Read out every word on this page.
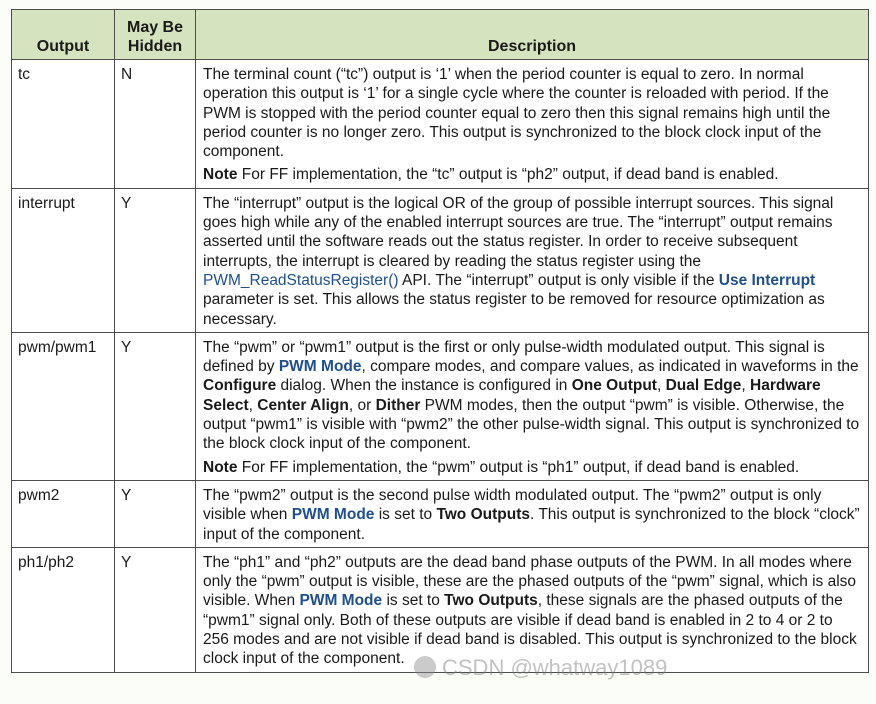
Output	May Be Hidden	Description
tc	N	The terminal count (“tc”) output is ‘1’ when the period counter is equal to zero. In normal operation this output is ‘1’ for a single cycle where the counter is reloaded with period. If the PWM is stopped with the period counter equal to zero then this signal remains high until the period counter is no longer zero. This output is synchronized to the block clock input of the component.

Note For FF implementation, the “tc” output is “ph2” output, if dead band is enabled.

interrupt	Y	The “interrupt” output is the logical OR of the group of possible interrupt sources. This signal goes high while any of the enabled interrupt sources are true. The “interrupt” output remains asserted until the software reads out the status register. In order to receive subsequent interrupts, the interrupt is cleared by reading the status register using the PWM_ReadStatusRegister() API. The “interrupt” output is only visible if the Use Interrupt parameter is set. This allows the status register to be removed for resource optimization as necessary.

pwm/pwm1	Y	The “pwm” or “pwm1” output is the first or only pulse-width modulated output. This signal is defined by PWM Mode, compare modes, and compare values, as indicated in waveforms in the Configure dialog. When the instance is configured in One Output, Dual Edge, Hardware Select, Center Align, or Dither PWM modes, then the output “pwm” is visible. Otherwise, the output “pwm1” is visible with “pwm2” the other pulse-width signal. This output is synchronized to the block clock input of the component.

Note For FF implementation, the “pwm” output is “ph1” output, if dead band is enabled.

pwm2	Y	The “pwm2” output is the second pulse width modulated output. The “pwm2” output is only visible when PWM Mode is set to Two Outputs. This output is synchronized to the block “clock” input of the component.

ph1/ph2	Y	The “ph1” and “ph2” outputs are the dead band phase outputs of the PWM. In all modes where only the “pwm” output is visible, these are the phased outputs of the “pwm” signal, which is also visible. When PWM Mode is set to Two Outputs, these signals are the phased outputs of the “pwm1” signal only. Both of these outputs are visible if dead band is enabled in 2 to 4 or 2 to 256 modes and are not visible if dead band is disabled. This output is synchronized to the block clock input of the component.	CSDN @whatway1089
